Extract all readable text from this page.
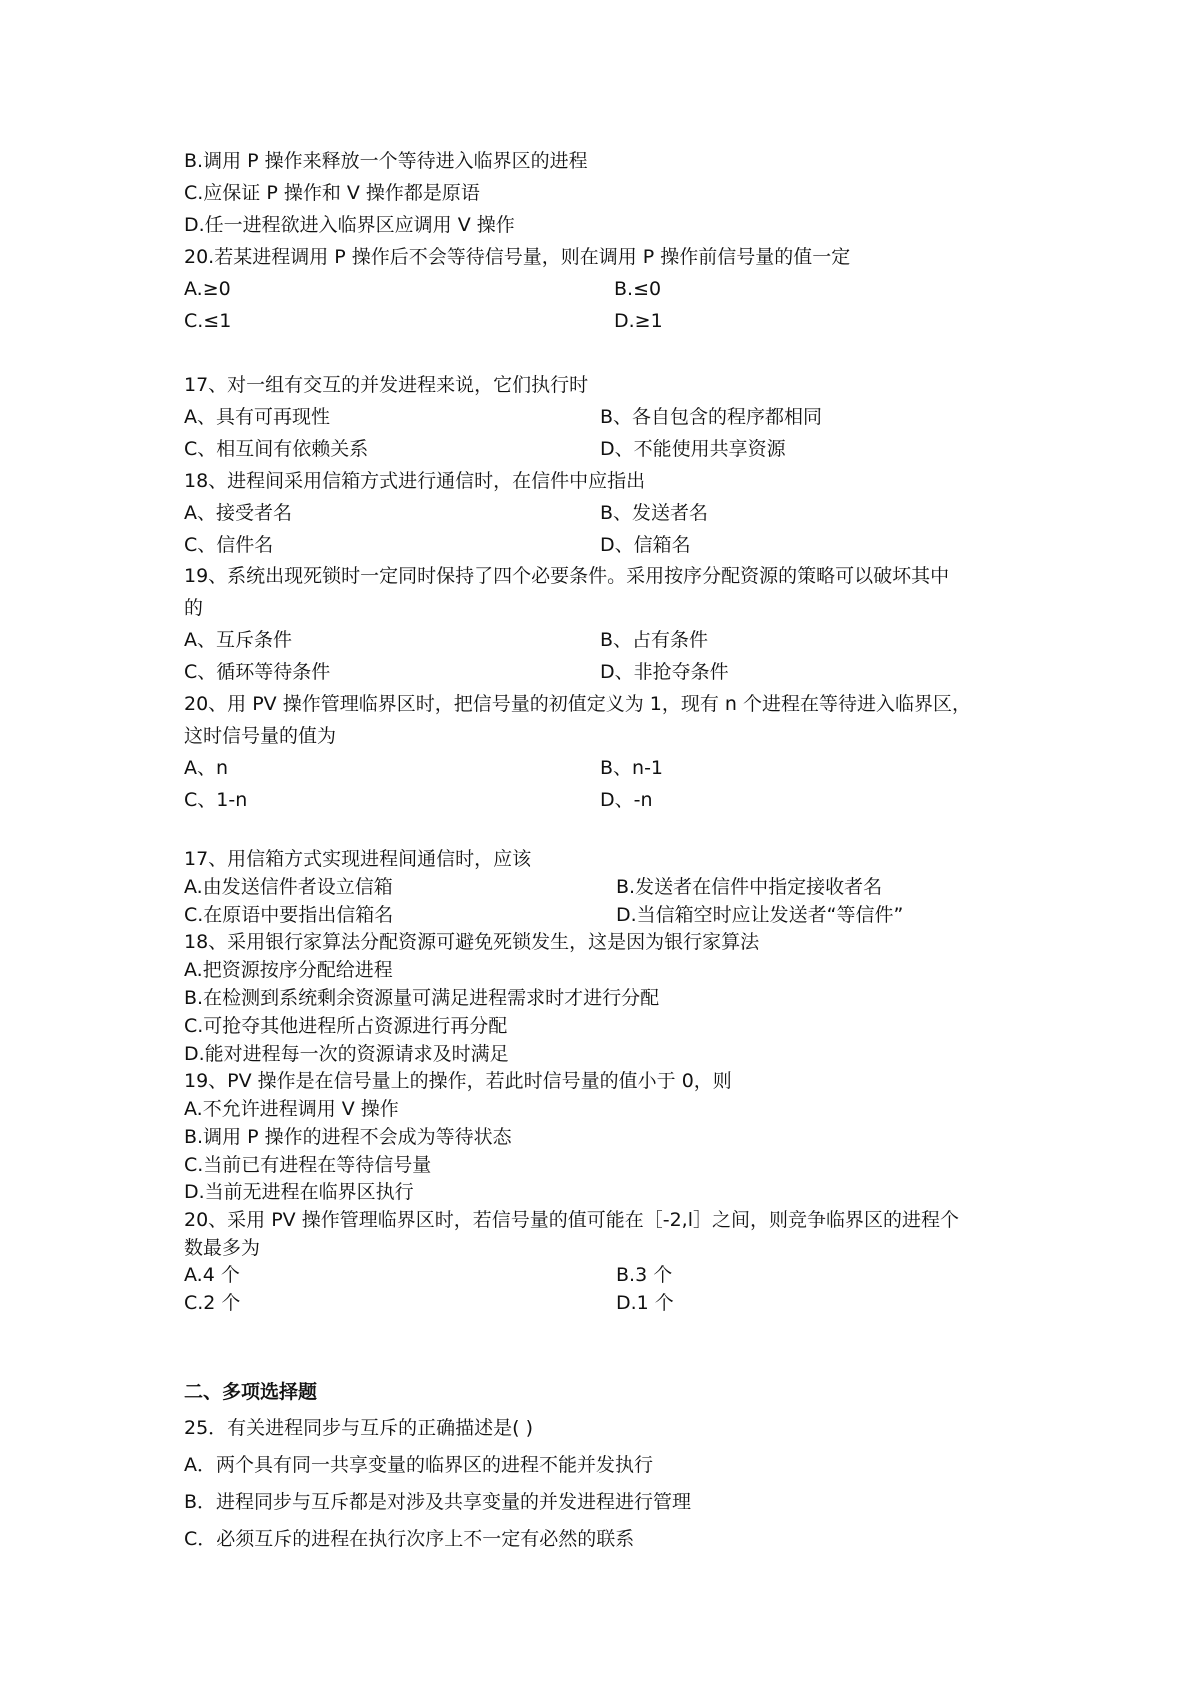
B.调用 P 操作来释放一个等待进入临界区的进程
C.应保证 P 操作和 V 操作都是原语
D.任一进程欲进入临界区应调用 V 操作
20.若某进程调用 P 操作后不会等待信号量，则在调用 P 操作前信号量的值一定
A.≥0	B.≤0
C.≤1	D.≥1
17、对一组有交互的并发进程来说，它们执行时
A、具有可再现性	B、各自包含的程序都相同
C、相互间有依赖关系	D、不能使用共享资源
18、进程间采用信箱方式进行通信时，在信件中应指出
A、接受者名	B、发送者名
C、信件名	D、信箱名
19、系统出现死锁时一定同时保持了四个必要条件。采用按序分配资源的策略可以破坏其中
的
A、互斥条件	B、占有条件
C、循环等待条件	D、非抢夺条件
20、用 PV 操作管理临界区时，把信号量的初值定义为 1，现有 n 个进程在等待进入临界区，
这时信号量的值为
A、n	B、n-1
C、1-n	D、-n
17、用信箱方式实现进程间通信时，应该
A.由发送信件者设立信箱	B.发送者在信件中指定接收者名
C.在原语中要指出信箱名	D.当信箱空时应让发送者“等信件”
18、采用银行家算法分配资源可避免死锁发生，这是因为银行家算法
A.把资源按序分配给进程
B.在检测到系统剩余资源量可满足进程需求时才进行分配
C.可抢夺其他进程所占资源进行再分配
D.能对进程每一次的资源请求及时满足
19、PV 操作是在信号量上的操作，若此时信号量的值小于 0，则
A.不允许进程调用 V 操作
B.调用 P 操作的进程不会成为等待状态
C.当前已有进程在等待信号量
D.当前无进程在临界区执行
20、采用 PV 操作管理临界区时，若信号量的值可能在［-2,l］之间，则竞争临界区的进程个
数最多为
A.4 个	B.3 个
C.2 个	D.1 个
二、多项选择题
25．有关进程同步与互斥的正确描述是( )
A．两个具有同一共享变量的临界区的进程不能并发执行
B．进程同步与互斥都是对涉及共享变量的并发进程进行管理
C．必须互斥的进程在执行次序上不一定有必然的联系
